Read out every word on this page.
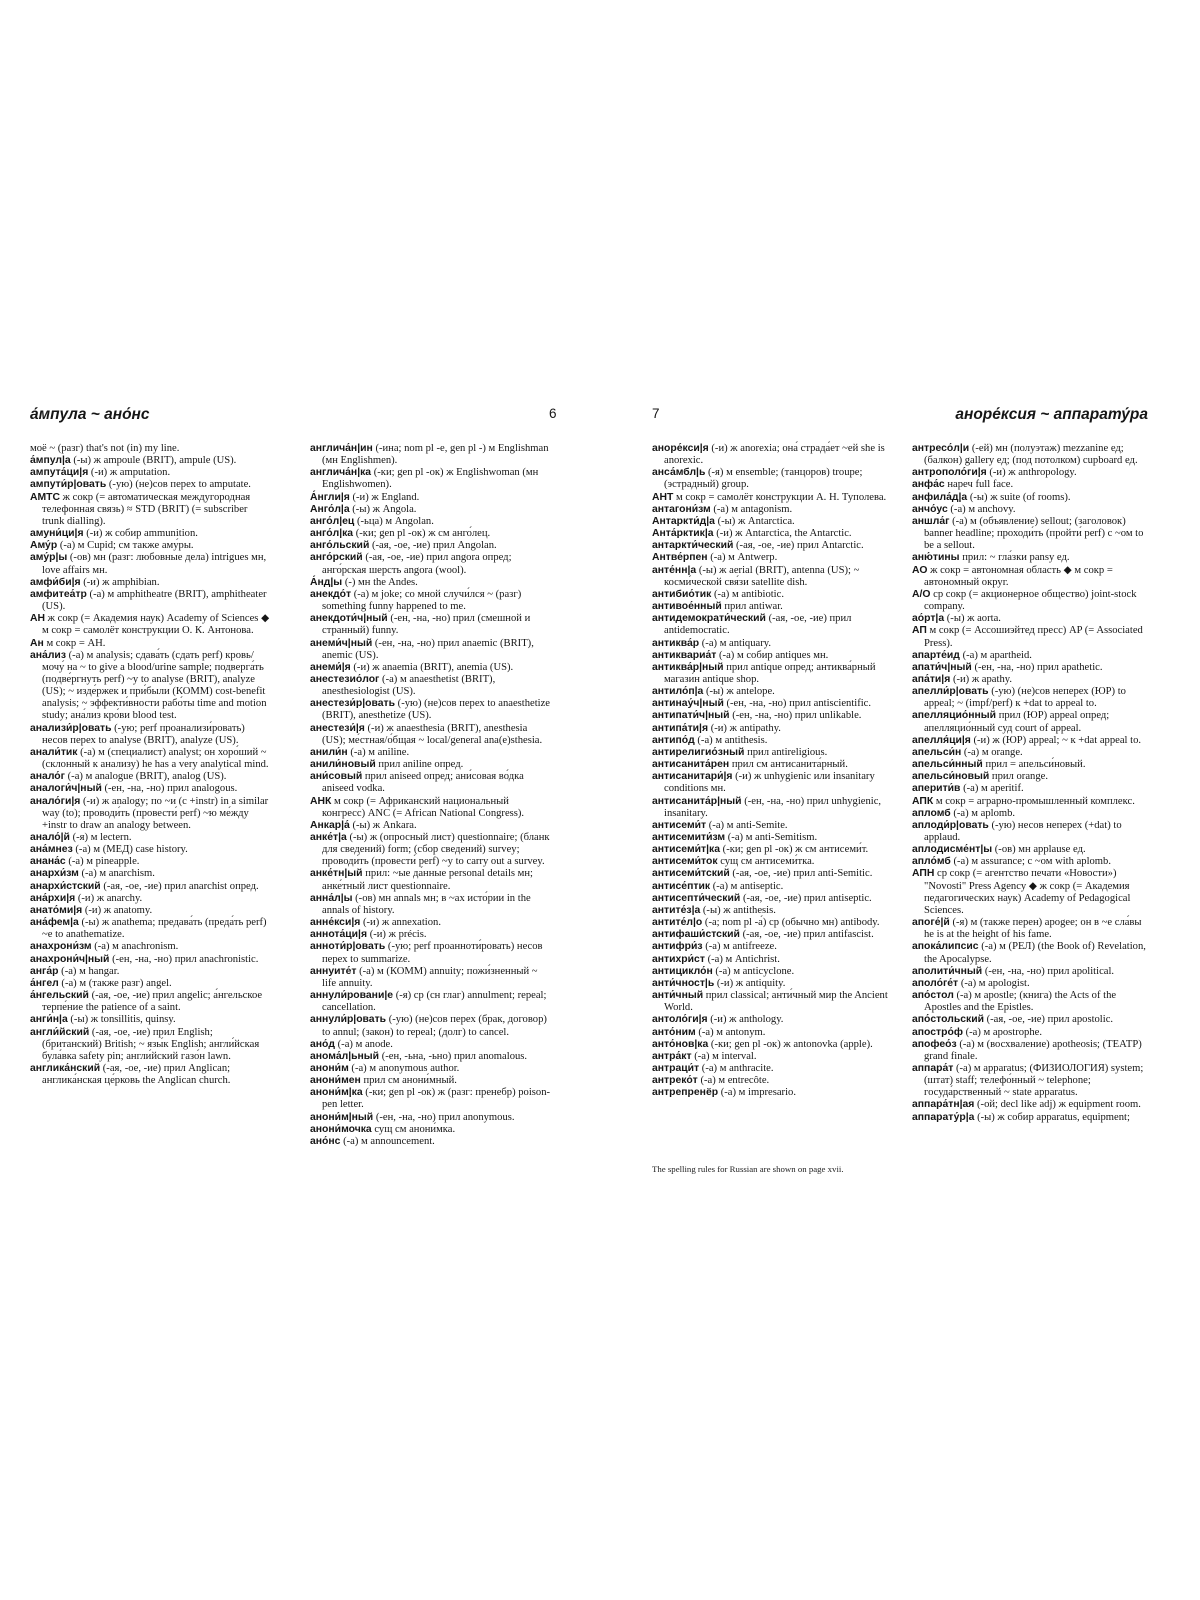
а́мпула ~ ано́нс	6

моё ~ (разг) that's not (in) my line.

а́мпул|а (-ы) ж ampoule (BRIT), ampule (US).

ампута́ци|я (-и) ж amputation.

ампути́р|овать (-ую) (не)сов перех to amputate.

АМТС ж сокр (= автоматическая междугородная телефонная связь) ≈ STD (BRIT) (= subscriber trunk dialling).

амуни́ци|я (-и) ж собир ammunition.

Аму́р (-а) м Cupid; см также аму́ры.

аму́р|ы (-ов) мн (разг: любовные дела) intrigues мн, love affairs мн.

амфи́би|я (-и) ж amphibian.

амфитеа́тр (-а) м amphitheatre (BRIT), amphitheater (US).

АН ж сокр (= Академия наук) Academy of Sciences ◆ м сокр = самолёт конструкции О. К. Антонова.

Ан м сокр = АН.

ана́лиз (-а) м analysis; сдава́ть (сдать perf) кровь/мочу́ на ~ to give a blood/urine sample; подверга́ть (подве́ргнуть perf) ~у to analyse (BRIT), analyze (US); ~ изде́ржек и при́были (КОММ) cost-benefit analysis; ~ эффекти́вности рабо́ты time and motion study; ана́лиз кро́ви blood test.

анализи́р|овать (-ую; perf проанализи́ровать) несов перех to analyse (BRIT), analyze (US).

анали́тик (-а) м (специалист) analyst; он хоро́ший ~ (склонный к анализу) he has a very analytical mind.

анало́г (-а) м analogue (BRIT), analog (US).

аналоги́ч|ный (-ен, -на, -но) прил analogous.

анало́ги|я (-и) ж analogy; по ~и (с +instr) in a similar way (to); проводи́ть (провести́ perf) ~ю ме́жду +instr to draw an analogy between.

анало́|й (-я) м lectern.

ана́мнез (-а) м (МЕД) case history.

анана́с (-а) м pineapple.

анархи́зм (-а) м anarchism.

анархи́стский (-ая, -ое, -ие) прил anarchist опред.

ана́рхи|я (-и) ж anarchy.

анато́ми|я (-и) ж anatomy.

ана́фем|а (-ы) ж anathema; предава́ть (преда́ть perf) ~е to anathematize.

анахрони́зм (-а) м anachronism.

анахрони́ч|ный (-ен, -на, -но) прил anachronistic.

анга́р (-а) м hangar.

а́нгел (-а) м (также разг) angel.

а́нгельский (-ая, -ое, -ие) прил angelic; а́нгельское терпе́ние the patience of a saint.

анги́н|а (-ы) ж tonsillitis, quinsy.

англи́йский (-ая, -ое, -ие) прил English; (британский) British; ~ язы́к English; англи́йская була́вка safety pin; англи́йский газо́н lawn.

англика́нский (-ая, -ое, -ие) прил Anglican; англика́нская це́рковь the Anglican church.

англича́н|ин (-ина; nom pl -е, gen pl -) м Englishman (мн Englishmen).

англича́н|ка (-ки; gen pl -ок) ж Englishwoman (мн Englishwomen).

А́нгли|я (-и) ж England.

Анго́л|а (-ы) ж Angola.

анго́л|ец (-ьца) м Angolan.

анго́л|ка (-ки; gen pl -ок) ж см анго́лец.

анго́льский (-ая, -ое, -ие) прил Angolan.

анго́рский (-ая, -ое, -ие) прил angora опред; анго́рская шерсть angora (wool).

А́нд|ы (-) мн the Andes.

анекдо́т (-а) м joke; со мной случи́лся ~ (разг) something funny happened to me.

анекдоти́ч|ный (-ен, -на, -но) прил (смешной и странный) funny.

анеми́ч|ный (-ен, -на, -но) прил anaemic (BRIT), anemic (US).

анеми́|я (-и) ж anaemia (BRIT), anemia (US).

анестезио́лог (-а) м anaesthetist (BRIT), anesthesiologist (US).

анестези́р|овать (-ую) (не)сов перех to anaesthetize (BRIT), anesthetize (US).

анестези́|я (-и) ж anaesthesia (BRIT), anesthesia (US); ме́стная/о́бщая ~ local/general ana(e)sthesia.

анили́н (-а) м aniline.

анили́новый прил aniline опред.

ани́совый прил aniseed опред; ани́совая во́дка aniseed vodka.

АНК м сокр (= Африканский национальный конгресс) ANC (= African National Congress).

Анкар|а́ (-ы) ж Ankara.

анке́т|а (-ы) ж (опросный лист) questionnaire; (бланк для сведений) form; (сбор сведений) survey; проводи́ть (провести́ perf) ~у to carry out a survey.

анке́тн|ый прил: ~ые да́нные personal details мн; анке́тный лист questionnaire.

анна́л|ы (-ов) мн annals мн; в ~ах исто́рии in the annals of history.

анне́кси|я (-и) ж annexation.

аннота́ци|я (-и) ж précis.

аннoти́р|овать (-ую; perf проаннoти́ровать) несов перех to summarize.

аннуите́т (-а) м (КОММ) annuity; пожи́зненный ~ life annuity.

аннули́ровани|е (-я) ср (сн глаг) annulment; repeal; cancellation.

аннули́р|овать (-ую) (не)сов перех (брак, договор) to annul; (закон) to repeal; (долг) to cancel.

ано́д (-а) м anode.

анома́л|ьный (-ен, -ьна, -ьно) прил anomalous.

анони́м (-а) м anonymous author.

анони́мен прил см анони́мный.

анони́м|ка (-ки; gen pl -ок) ж (разг: пренебр) poison-pen letter.

анони́м|ный (-ен, -на, -но) прил anonymous.

анони́мочка сущ см анони́мка.

ано́нс (-а) м announcement.

7	аноре́ксия ~ аппарату́ра

аноре́кси|я (-и) ж anorexia; она́ страда́ет ~ей she is anorexic.

анса́мбл|ь (-я) м ensemble; (танцоров) troupe; (эстрадный) group.

АНТ м сокр = самолёт конструкции А. Н. Туполева.

антагони́зм (-а) м antagonism.

Антаркти́д|а (-ы) ж Antarctica.

Анта́рктик|а (-и) ж Antarctica, the Antarctic.

антаркти́ческий (-ая, -ое, -ие) прил Antarctic.

Антве́рпен (-а) м Antwerp.

анте́нн|а (-ы) ж aerial (BRIT), antenna (US); ~ косми́ческой свя́зи satellite dish.

антибио́тик (-а) м antibiotic.

антивое́нный прил antiwar.

антидемократи́ческий (-ая, -ое, -ие) прил antidemocratic.

антиква́р (-а) м antiquary.

антиквариа́т (-а) м собир antiques мн.

антиква́р|ный прил antique опред; антиква́рный магази́н antique shop.

антило́п|а (-ы) ж antelope.

антинау́ч|ный (-ен, -на, -но) прил antiscientific.

антипати́ч|ный (-ен, -на, -но) прил unlikable.

антипа́ти|я (-и) ж antipathy.

антипо́д (-а) м antithesis.

антирелигио́зный прил antireligious.

антисанита́рен прил см антисанита́рный.

антисанитари́|я (-и) ж unhygienic или insanitary conditions мн.

антисанита́р|ный (-ен, -на, -но) прил unhygienic, insanitary.

антисеми́т (-а) м anti-Semite.

антисемити́зм (-а) м anti-Semitism.

антисеми́т|ка (-ки; gen pl -ок) ж см антисеми́т.

антисеми́ток сущ см антисеми́тка.

антисеми́тский (-ая, -ое, -ие) прил anti-Semitic.

антисе́птик (-а) м antiseptic.

антисепти́ческий (-ая, -ое, -ие) прил antiseptic.

антите́з|а (-ы) ж antithesis.

антите́л|о (-а; nom pl -а́) ср (обычно мн) antibody.

антифаши́стский (-ая, -ое, -ие) прил antifascist.

антифри́з (-а) м antifreeze.

антихри́ст (-а) м Antichrist.

антицикло́н (-а) м anticyclone.

анти́чност|ь (-и) ж antiquity.

анти́чный прил classical; анти́чный мир the Ancient World.

антоло́ги|я (-и) ж anthology.

анто́ним (-а) м antonym.

анто́нов|ка (-ки; gen pl -ок) ж antonovka (apple).

антра́кт (-а) м interval.

антраци́т (-а) м anthracite.

антреко́т (-а) м entrecôte.

антрепренёр (-а) м impresario.

антресо́л|и (-ей) мн (полуэтаж) mezzanine ед; (балкон) gallery ед; (под потолком) cupboard ед.

антрополо́ги|я (-и) ж anthropology.

анфа́с нареч full face.

анфила́д|а (-ы) ж suite (of rooms).

анчо́ус (-а) м anchovy.

аншла́г (-а) м (объявление) sellout; (заголовок) banner headline; проходи́ть (пройти́ perf) с ~ом to be a sellout.

аню́тины прил: ~ гла́зки pansy ед.

АО ж сокр = автономная область ◆ м сокр = автономный округ.

А/О ср сокр (= акционерное общество) joint-stock company.

ао́рт|а (-ы) ж aorta.

АП м сокр (= Ассошиэйтед пресс) AP (= Associated Press).

апарте́ид (-а) м apartheid.

апати́ч|ный (-ен, -на, -но) прил apathetic.

апа́ти|я (-и) ж apathy.

апелли́р|овать (-ую) (не)сов неперех (ЮР) to appeal; ~ (impf/perf) к +dat to appeal to.

апелляцио́нный прил (ЮР) appeal опред; апелляцио́нный суд court of appeal.

апелля́ци|я (-и) ж (ЮР) appeal; ~ к +dat appeal to.

апельси́н (-а) м orange.

апельси́нный прил = апельси́новый.

апельси́новый прил orange.

аперити́в (-а) м aperitif.

АПК м сокр = аграрно-промышленный комплекс.

апломб (-а) м aplomb.

аплоди́р|овать (-ую) несов неперех (+dat) to applaud.

аплодисме́нт|ы (-ов) мн applause ед.

апло́мб (-а) м assurance; с ~ом with aplomb.

АПН ср сокр (= агентство печати «Новости») "Novosti" Press Agency ◆ ж сокр (= Академия педагогических наук) Academy of Pedagogical Sciences.

апоге́|й (-я) м (также перен) apogee; он в ~е сла́вы he is at the height of his fame.

апока́липсис (-а) м (РЕЛ) (the Book of) Revelation, the Apocalypse.

аполити́чный (-ен, -на, -но) прил apolitical.

аполо́ге́т (-а) м apologist.

апо́стол (-а) м apostle; (книга) the Acts of the Apostles and the Epistles.

апо́стольский (-ая, -ое, -ие) прил apostolic.

апостро́ф (-а) м apostrophe.

апофео́з (-а) м (восхваление) apotheosis; (ТЕАТР) grand finale.

аппара́т (-а) м apparatus; (ФИЗИОЛОГИЯ) system; (штат) staff; телефо́нный ~ telephone; госуда́рственный ~ state apparatus.

аппара́тн|ая (-ой; decl like adj) ж equipment room.

аппарату́р|а (-ы) ж собир apparatus, equipment;

The spelling rules for Russian are shown on page xvii.
